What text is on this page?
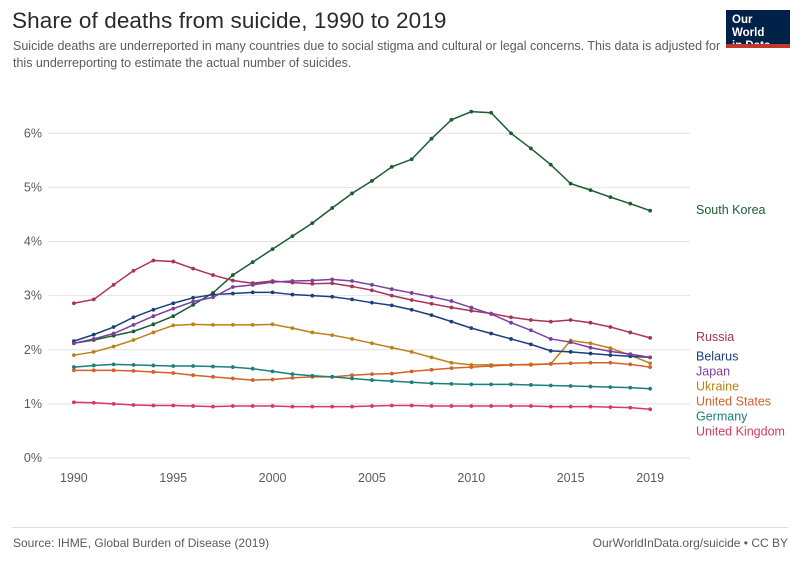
Share of deaths from suicide, 1990 to 2019
Suicide deaths are underreported in many countries due to social stigma and cultural or legal concerns. This data is adjusted for this underreporting to estimate the actual number of suicides.
Our World
0%
1%
2%
3%
4%
5%
6%
1990	1995	2000	2005	2010	2015	2019
South Korea
Russia
Belarus
Japan
Ukraine
United States
Germany
United Kingdom
Source: IHME, Global Burden of Disease (2019)	OurWorldInData.org/suicide • CC BY
